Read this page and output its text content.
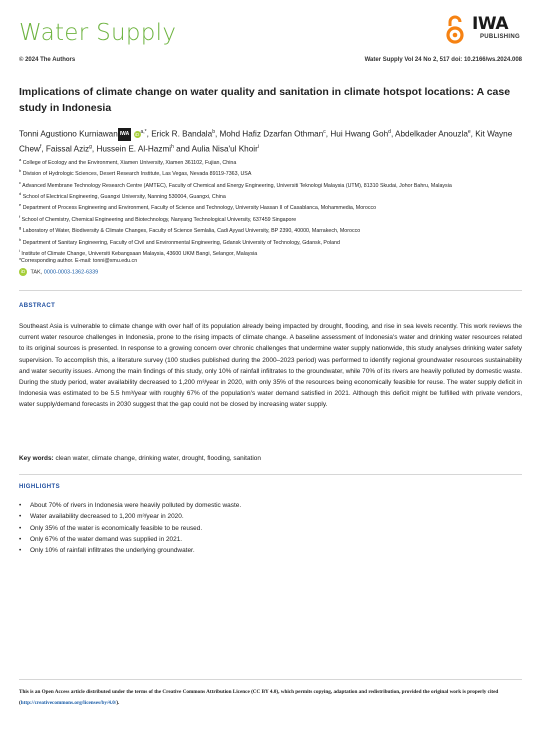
Water Supply	IWA
PUBLISHING
© 2024 The Authors	Water Supply Vol 24 No 2, 517 doi: 10.2166/ws.2024.008
Implications of climate change on water quality and sanitation in climate hotspot locations: A case study in Indonesia
Tonni Agustiono Kurniawan IWA $iD^{a,*}$, Erick R. Bandala$^b$, Mohd Hafiz Dzarfan Othman$^c$, Hui Hwang Goh$^d$, Abdelkader Anouzla$^e$, Kit Wayne Chew$^f$, Faissal Aziz$^g$, Hussein E. Al-Hazmi$^h$ and Aulia Nisa'ul Khoir$^i$
$^a$ College of Ecology and the Environment, Xiamen University, Xiamen 361102, Fujian, China
$^b$ Division of Hydrologic Sciences, Desert Research Institute, Las Vegas, Nevada 89119-7363, USA
$^c$ Advanced Membrane Technology Research Centre (AMTEC), Faculty of Chemical and Energy Engineering, Universiti Teknologi Malaysia (UTM), 81310 Skudai, Johor Bahru, Malaysia
$^d$ School of Electrical Engineering, Guangxi University, Nanning 530004, Guangxi, China
$^e$ Department of Process Engineering and Environment, Faculty of Science and Technology, University Hassan II of Casablanca, Mohammedia, Morocco
$^f$ School of Chemistry, Chemical Engineering and Biotechnology, Nanyang Technological University, 637459 Singapore
$^g$ Laboratory of Water, Biodiversity & Climate Changes, Faculty of Science Semlalia, Cadi Ayyad University, BP 2390, 40000, Marrakech, Morocco
$^h$ Department of Sanitary Engineering, Faculty of Civil and Environmental Engineering, Gdansk University of Technology, Gdansk, Poland
$^i$ Institute of Climate Change, Universiti Kebangsaan Malaysia, 43600 UKM Bangi, Selangor, Malaysia
*Corresponding author. E-mail: tonni@xmu.edu.cn
iD TAK, 0000-0003-1362-6339
ABSTRACT
Southeast Asia is vulnerable to climate change with over half of its population already being impacted by drought, flooding, and rise in sea levels recently. This work reviews the current water resource challenges in Indonesia, prone to the rising impacts of climate change. A baseline assessment of Indonesia's water and drinking water resources related to its original sources is presented. In response to a growing concern over chronic challenges that undermine water supply nationwide, this study analyses drinking water safety supervision. To accomplish this, a literature survey (100 studies published during the 2000–2023 period) was performed to identify regional groundwater resources sustainability and water security issues. Among the main findings of this study, only 10% of rainfall infiltrates to the groundwater, while 70% of its rivers are heavily polluted by domestic waste. During the study period, water availability decreased to 1,200 m³/year in 2020, with only 35% of the resources being economically feasible for reuse. The water supply deficit in Indonesia was estimated to be 5.5 hm³/year with roughly 67% of the population's water demand satisfied in 2021. Although this deficit might be fulfilled with private vendors, water supply/demand forecasts in 2030 suggest that the gap could not be closed by increasing water supply.
Key words: clean water, climate change, drinking water, drought, flooding, sanitation
HIGHLIGHTS
• About 70% of rivers in Indonesia were heavily polluted by domestic waste.
• Water availability decreased to 1,200 m³/year in 2020.
• Only 35% of the water is economically feasible to be reused.
• Only 67% of the water demand was supplied in 2021.
• Only 10% of rainfall infiltrates the underlying groundwater.
This is an Open Access article distributed under the terms of the Creative Commons Attribution Licence (CC BY 4.0), which permits copying, adaptation and redistribution, provided the original work is properly cited (http://creativecommons.org/licenses/by/4.0/).
